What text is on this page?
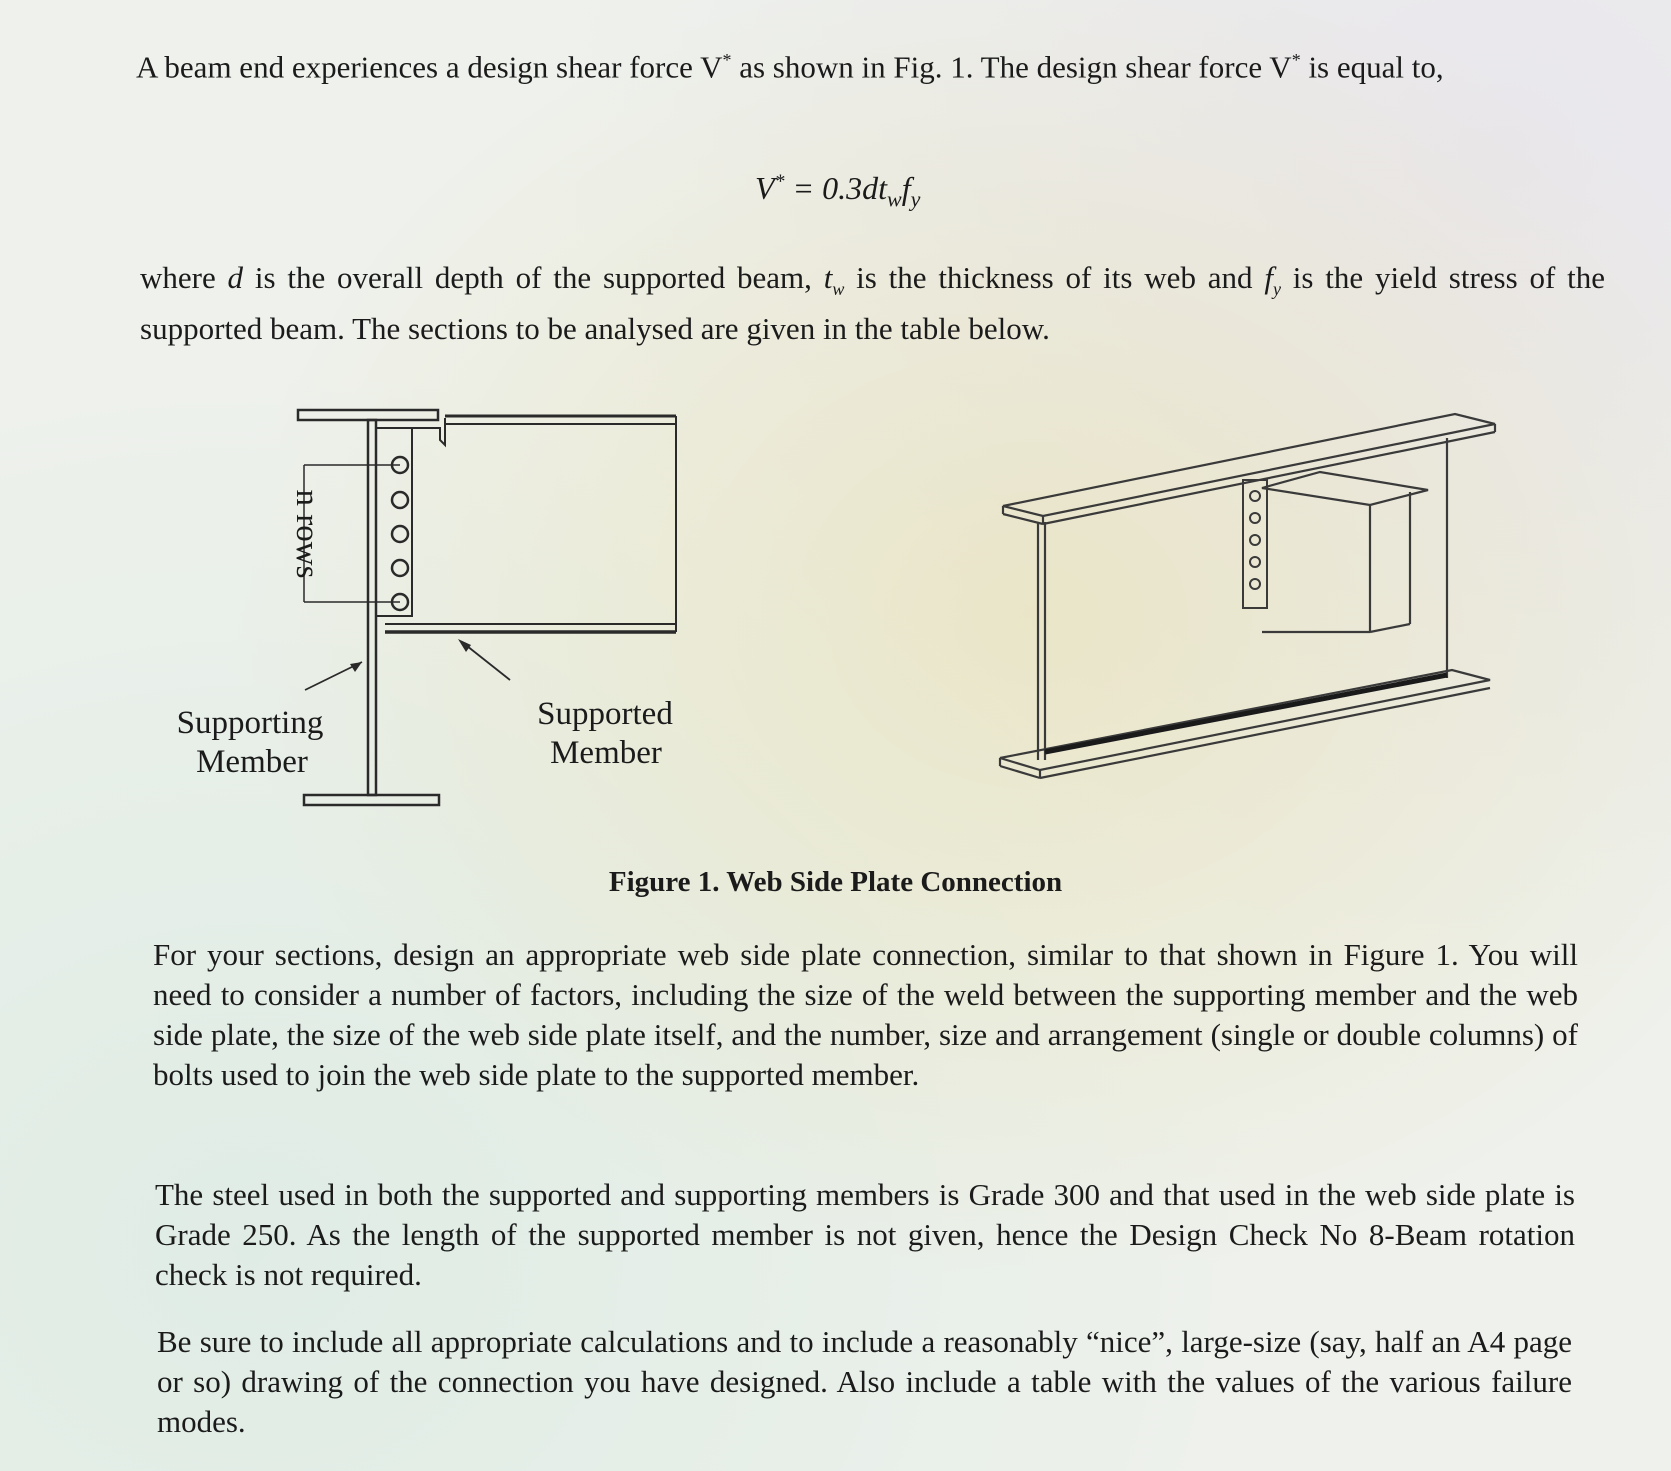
A beam end experiences a design shear force V* as shown in Fig. 1. The design shear force V* is equal to,

$V^* = 0.3dt_wf_y$

where d is the overall depth of the supported beam, $t_w$ is the thickness of its web and $f_y$ is the yield stress of the supported beam. The sections to be analysed are given in the table below.

n rows
Supporting
Member
Supported
Member
Figure 1. Web Side Plate Connection

For your sections, design an appropriate web side plate connection, similar to that shown in Figure 1. You will need to consider a number of factors, including the size of the weld between the supporting member and the web side plate, the size of the web side plate itself, and the number, size and arrangement (single or double columns) of bolts used to join the web side plate to the supported member.

The steel used in both the supported and supporting members is Grade 300 and that used in the web side plate is Grade 250. As the length of the supported member is not given, hence the Design Check No 8-Beam rotation check is not required.

Be sure to include all appropriate calculations and to include a reasonably “nice”, large-size (say, half an A4 page or so) drawing of the connection you have designed. Also include a table with the values of the various failure modes.
